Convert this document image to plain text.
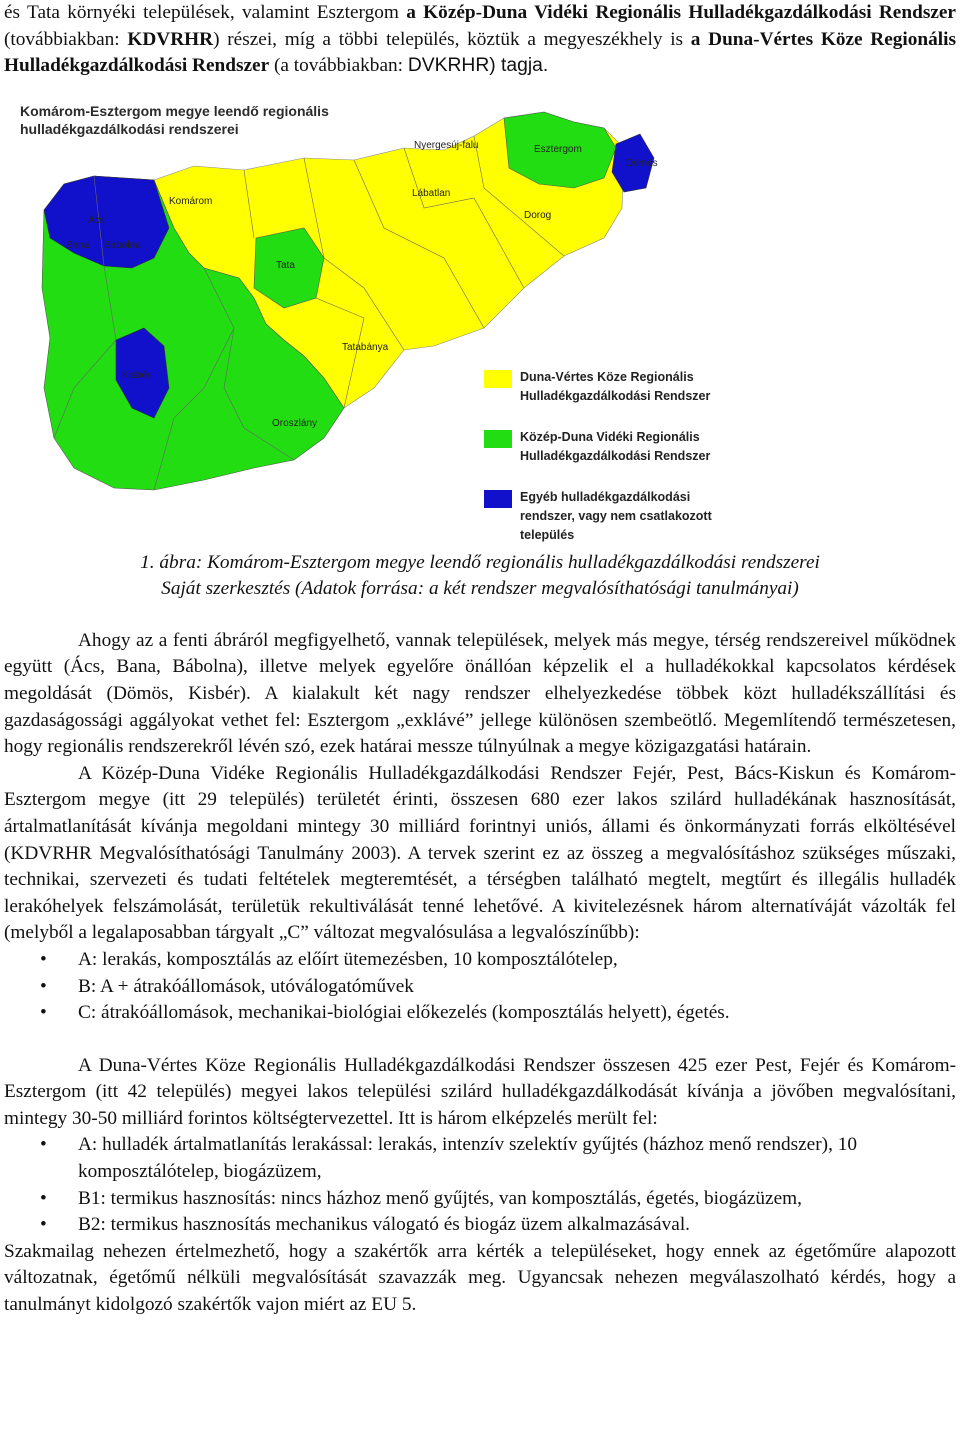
és Tata környéki települések, valamint Esztergom a Közép-Duna Vidéki Regionális Hulladékgazdálkodási Rendszer (továbbiakban: KDVRHR) részei, míg a többi település, köztük a megyeszékhely is a Duna-Vértes Köze Regionális Hulladékgazdálkodási Rendszer (a továbbiakban: DVKRHR) tagja.

Ács
Komárom
Bana Bábolna
Nyergesúj-falu
Lábatlan
Esztergom
Dömös
Dorog
Tata
Tatabánya
Kisbér
Oroszlány
Komárom-Esztergom megye leendő regionális hulladékgazdálkodási rendszerei
Duna-Vértes Köze Regionális Hulladékgazdálkodási Rendszer
Közép-Duna Vidéki Regionális Hulladékgazdálkodási Rendszer
Egyéb hulladékgazdálkodási rendszer, vagy nem csatlakozott település
1. ábra: Komárom-Esztergom megye leendő regionális hulladékgazdálkodási rendszerei
Saját szerkesztés (Adatok forrása: a két rendszer megvalósíthatósági tanulmányai)

Ahogy az a fenti ábráról megfigyelhető, vannak települések, melyek más megye, térség rendszereivel működnek együtt (Ács, Bana, Bábolna), illetve melyek egyelőre önállóan képzelik el a hulladékokkal kapcsolatos kérdések megoldását (Dömös, Kisbér). A kialakult két nagy rendszer elhelyezkedése többek közt hulladékszállítási és gazdaságossági aggályokat vethet fel: Esztergom „exklávé” jellege különösen szembeötlő. Megemlítendő természetesen, hogy regionális rendszerekről lévén szó, ezek határai messze túlnyúlnak a megye közigazgatási határain.

A Közép-Duna Vidéke Regionális Hulladékgazdálkodási Rendszer Fejér, Pest, Bács-Kiskun és Komárom-Esztergom megye (itt 29 település) területét érinti, összesen 680 ezer lakos szilárd hulladékának hasznosítását, ártalmatlanítását kívánja megoldani mintegy 30 milliárd forintnyi uniós, állami és önkormányzati forrás elköltésével (KDVRHR Megvalósíthatósági Tanulmány 2003). A tervek szerint ez az összeg a megvalósításhoz szükséges műszaki, technikai, szervezeti és tudati feltételek megteremtését, a térségben található megtelt, megtűrt és illegális hulladék lerakóhelyek felszámolását, területük rekultiválását tenné lehetővé. A kivitelezésnek három alternatíváját vázolták fel (melyből a legalaposabban tárgyalt „C” változat megvalósulása a legvalószínűbb):

• A: lerakás, komposztálás az előírt ütemezésben, 10 komposztálótelep,
• B: A + átrakóállomások, utóválogatóművek
• C: átrakóállomások, mechanikai-biológiai előkezelés (komposztálás helyett), égetés.

A Duna-Vértes Köze Regionális Hulladékgazdálkodási Rendszer összesen 425 ezer Pest, Fejér és Komárom-Esztergom (itt 42 település) megyei lakos települési szilárd hulladékgazdálkodását kívánja a jövőben megvalósítani, mintegy 30-50 milliárd forintos költségtervezettel. Itt is három elképzelés merült fel:

• A: hulladék ártalmatlanítás lerakással: lerakás, intenzív szelektív gyűjtés (házhoz menő rendszer), 10 komposztálótelep, biogázüzem,
• B1: termikus hasznosítás: nincs házhoz menő gyűjtés, van komposztálás, égetés, biogázüzem,
• B2: termikus hasznosítás mechanikus válogató és biogáz üzem alkalmazásával.

Szakmailag nehezen értelmezhető, hogy a szakértők arra kérték a településeket, hogy ennek az égetőműre alapozott változatnak, égetőmű nélküli megvalósítását szavazzák meg. Ugyancsak nehezen megválaszolható kérdés, hogy a tanulmányt kidolgozó szakértők vajon miért az EU 5.
